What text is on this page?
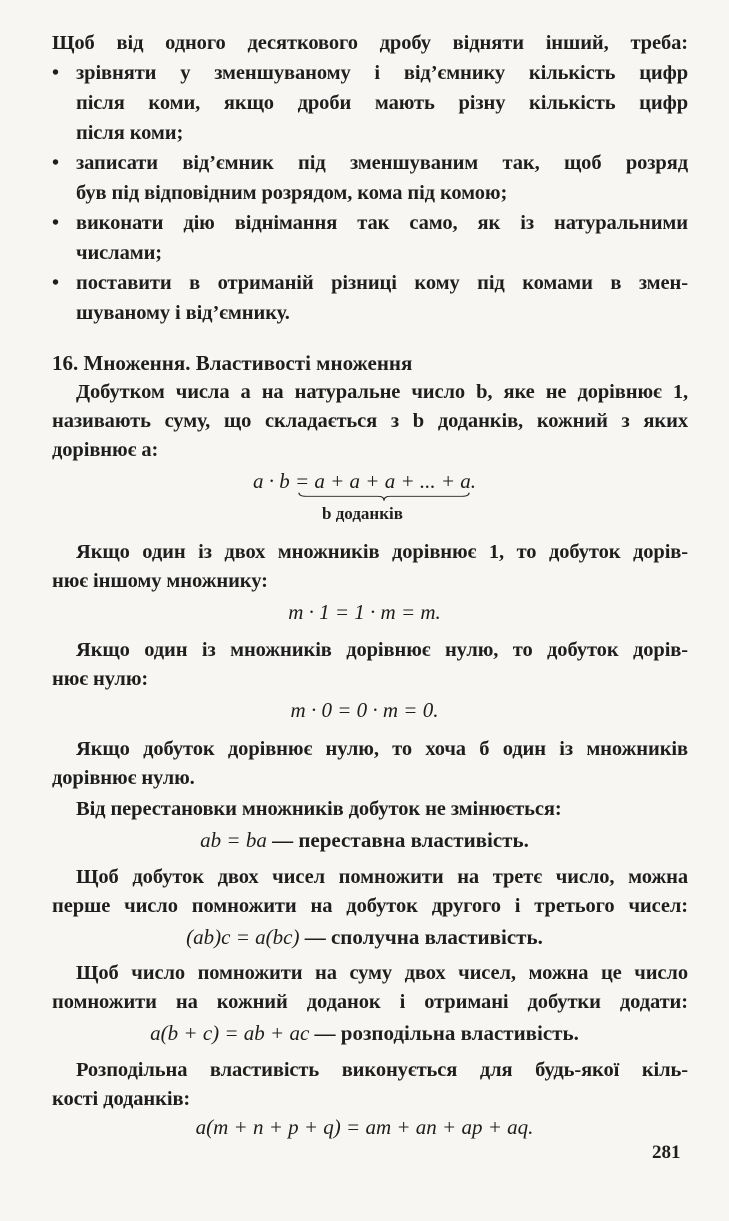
Щоб від одного десяткового дробу відняти інший, треба:
• зрівняти у зменшуваному і від’ємнику кількість цифр
після коми, якщо дроби мають різну кількість цифр
після коми;
• записати від’ємник під зменшуваним так, щоб розряд
був під відповідним розрядом, кома під комою;
• виконати дію віднімання так само, як із натуральними
числами;
• поставити в отриманій різниці кому під комами в змен-
шуваному і від’ємнику.
16. Множення. Властивості множення
Добутком числа a на натуральне число b, яке не дорівнює 1,
називають суму, що складається з b доданків, кожний з яких
дорівнює a:
a · b = a + a + a + ... + a.
b доданків
Якщо один із двох множників дорівнює 1, то добуток дорів-
нює іншому множнику:
m · 1 = 1 · m = m.
Якщо один із множників дорівнює нулю, то добуток дорів-
нює нулю:
m · 0 = 0 · m = 0.
Якщо добуток дорівнює нулю, то хоча б один із множників
дорівнює нулю.
Від перестановки множників добуток не змінюється:
ab = ba — переставна властивість.
Щоб добуток двох чисел помножити на третє число, можна
перше число помножити на добуток другого і третього чисел:
(ab)c = a(bc) — сполучна властивість.
Щоб число помножити на суму двох чисел, можна це число
помножити на кожний доданок і отримані добутки додати:
a(b + c) = ab + ac — розподільна властивість.
Розподільна властивість виконується для будь-якої кіль-
кості доданків:
a(m + n + p + q) = am + an + ap + aq.
281
